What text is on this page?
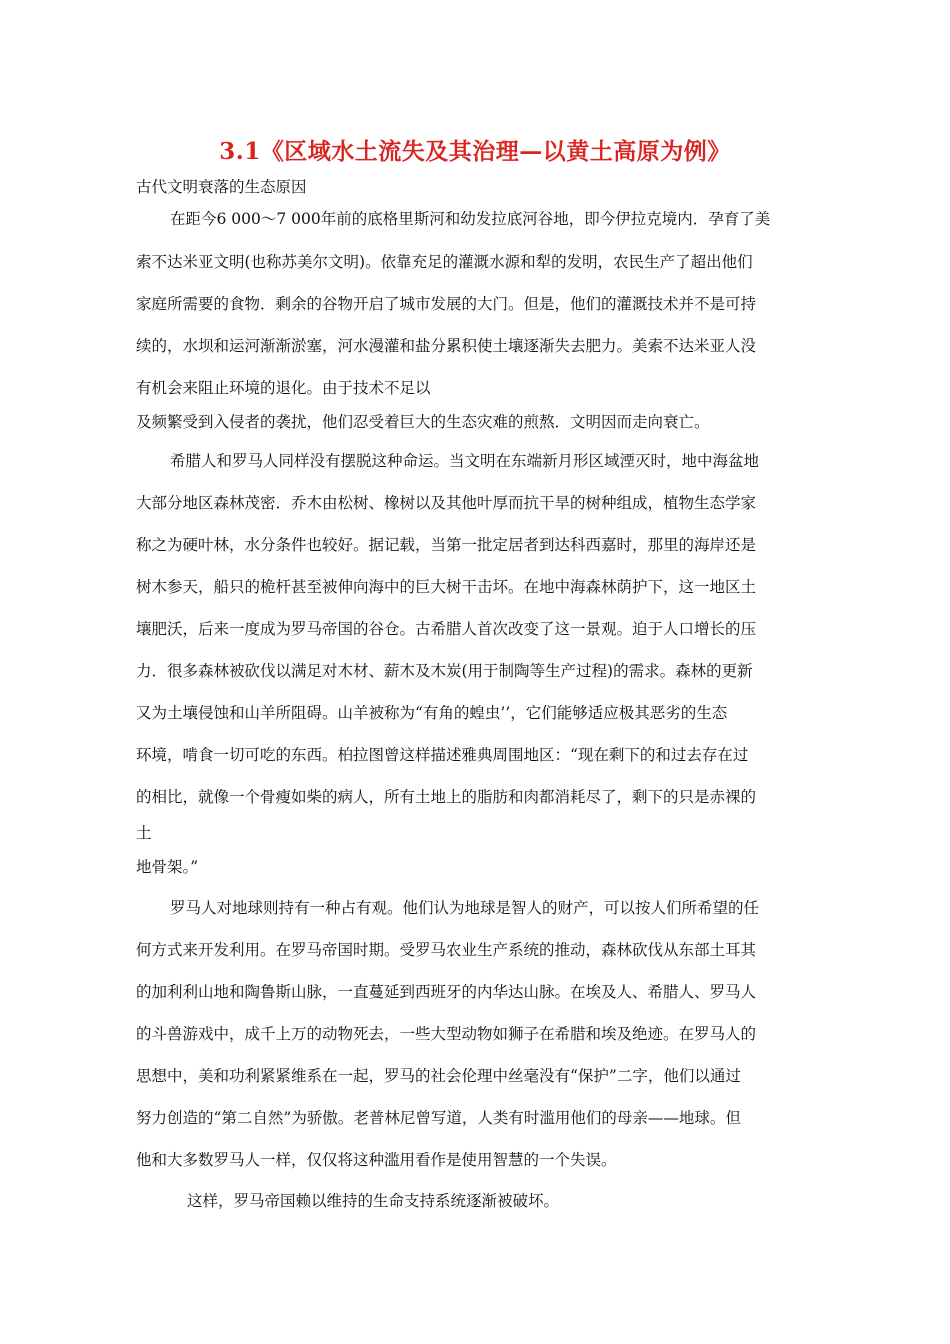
3.1《区域水土流失及其治理—以黄土高原为例》
古代文明衰落的生态原因
在距今6 000～7 000年前的底格里斯河和幼发拉底河谷地，即今伊拉克境内．孕育了美
索不达米亚文明(也称苏美尔文明)。依靠充足的灌溉水源和犁的发明，农民生产了超出他们
家庭所需要的食物．剩余的谷物开启了城市发展的大门。但是，他们的灌溉技术并不是可持
续的，水坝和运河渐渐淤塞，河水漫灌和盐分累积使土壤逐渐失去肥力。美索不达米亚人没
有机会来阻止环境的退化。由于技术不足以
及频繁受到入侵者的袭扰，他们忍受着巨大的生态灾难的煎熬．文明因而走向衰亡。
希腊人和罗马人同样没有摆脱这种命运。当文明在东端新月形区域湮灭时，地中海盆地
大部分地区森林茂密．乔木由松树、橡树以及其他叶厚而抗干旱的树种组成，植物生态学家
称之为硬叶林，水分条件也较好。据记载，当第一批定居者到达科西嘉时，那里的海岸还是
树木参天，船只的桅杆甚至被伸向海中的巨大树干击坏。在地中海森林荫护下，这一地区土
壤肥沃，后来一度成为罗马帝国的谷仓。古希腊人首次改变了这一景观。迫于人口增长的压
力．很多森林被砍伐以满足对木材、薪木及木炭(用于制陶等生产过程)的需求。森林的更新
又为土壤侵蚀和山羊所阻碍。山羊被称为“有角的蝗虫’’，它们能够适应极其恶劣的生态
环境，啃食一切可吃的东西。柏拉图曾这样描述雅典周围地区：“现在剩下的和过去存在过
的相比，就像一个骨瘦如柴的病人，所有土地上的脂肪和肉都消耗尽了，剩下的只是赤裸的
土
地骨架。”
罗马人对地球则持有一种占有观。他们认为地球是智人的财产，可以按人们所希望的任
何方式来开发利用。在罗马帝国时期。受罗马农业生产系统的推动，森林砍伐从东部土耳其
的加利利山地和陶鲁斯山脉，一直蔓延到西班牙的内华达山脉。在埃及人、希腊人、罗马人
的斗兽游戏中，成千上万的动物死去，一些大型动物如狮子在希腊和埃及绝迹。在罗马人的
思想中，美和功利紧紧维系在一起，罗马的社会伦理中丝毫没有“保护”二字，他们以通过
努力创造的“第二自然”为骄傲。老普林尼曾写道，人类有时滥用他们的母亲——地球。但
他和大多数罗马人一样，仅仅将这种滥用看作是使用智慧的一个失误。
这样，罗马帝国赖以维持的生命支持系统逐渐被破坏。
